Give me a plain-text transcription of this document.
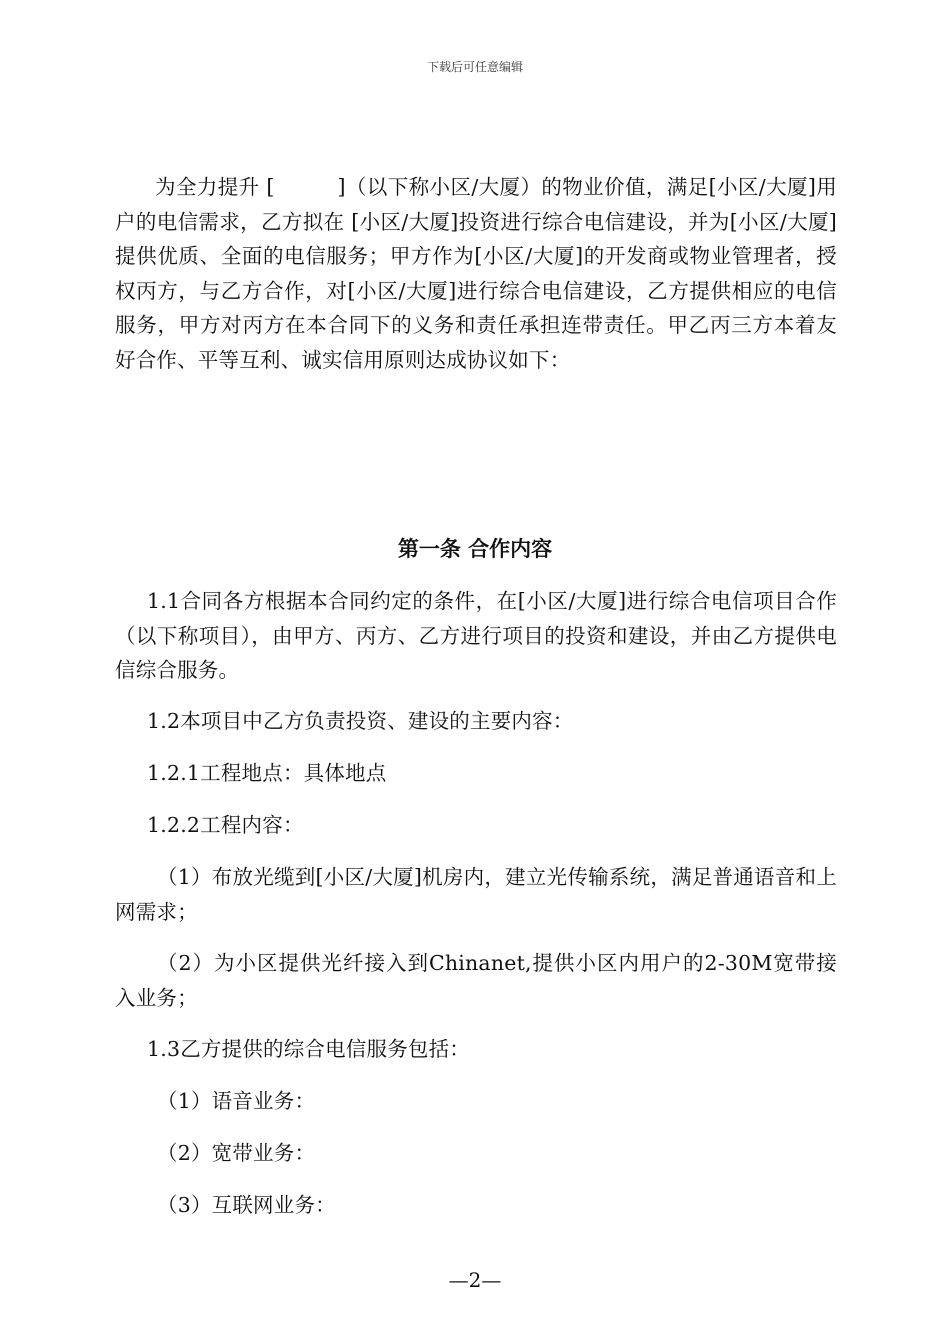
下载后可任意编辑

为全力提升 [　　　]（以下称小区/大厦）的物业价值，满足[小区/大厦]用户的电信需求，乙方拟在 [小区/大厦]投资进行综合电信建设，并为[小区/大厦]提供优质、全面的电信服务；甲方作为[小区/大厦]的开发商或物业管理者，授权丙方，与乙方合作，对[小区/大厦]进行综合电信建设，乙方提供相应的电信服务，甲方对丙方在本合同下的义务和责任承担连带责任。甲乙丙三方本着友好合作、平等互利、诚实信用原则达成协议如下：

第一条 合作内容

1.1合同各方根据本合同约定的条件，在[小区/大厦]进行综合电信项目合作（以下称项目），由甲方、丙方、乙方进行项目的投资和建设，并由乙方提供电信综合服务。

1.2本项目中乙方负责投资、建设的主要内容：

1.2.1工程地点：具体地点

1.2.2工程内容：

（1）布放光缆到[小区/大厦]机房内，建立光传输系统，满足普通语音和上网需求；

（2）为小区提供光纤接入到Chinanet,提供小区内用户的2-30M宽带接入业务；

1.3乙方提供的综合电信服务包括：

（1）语音业务：

（2）宽带业务：

（3）互联网业务：

—2—
